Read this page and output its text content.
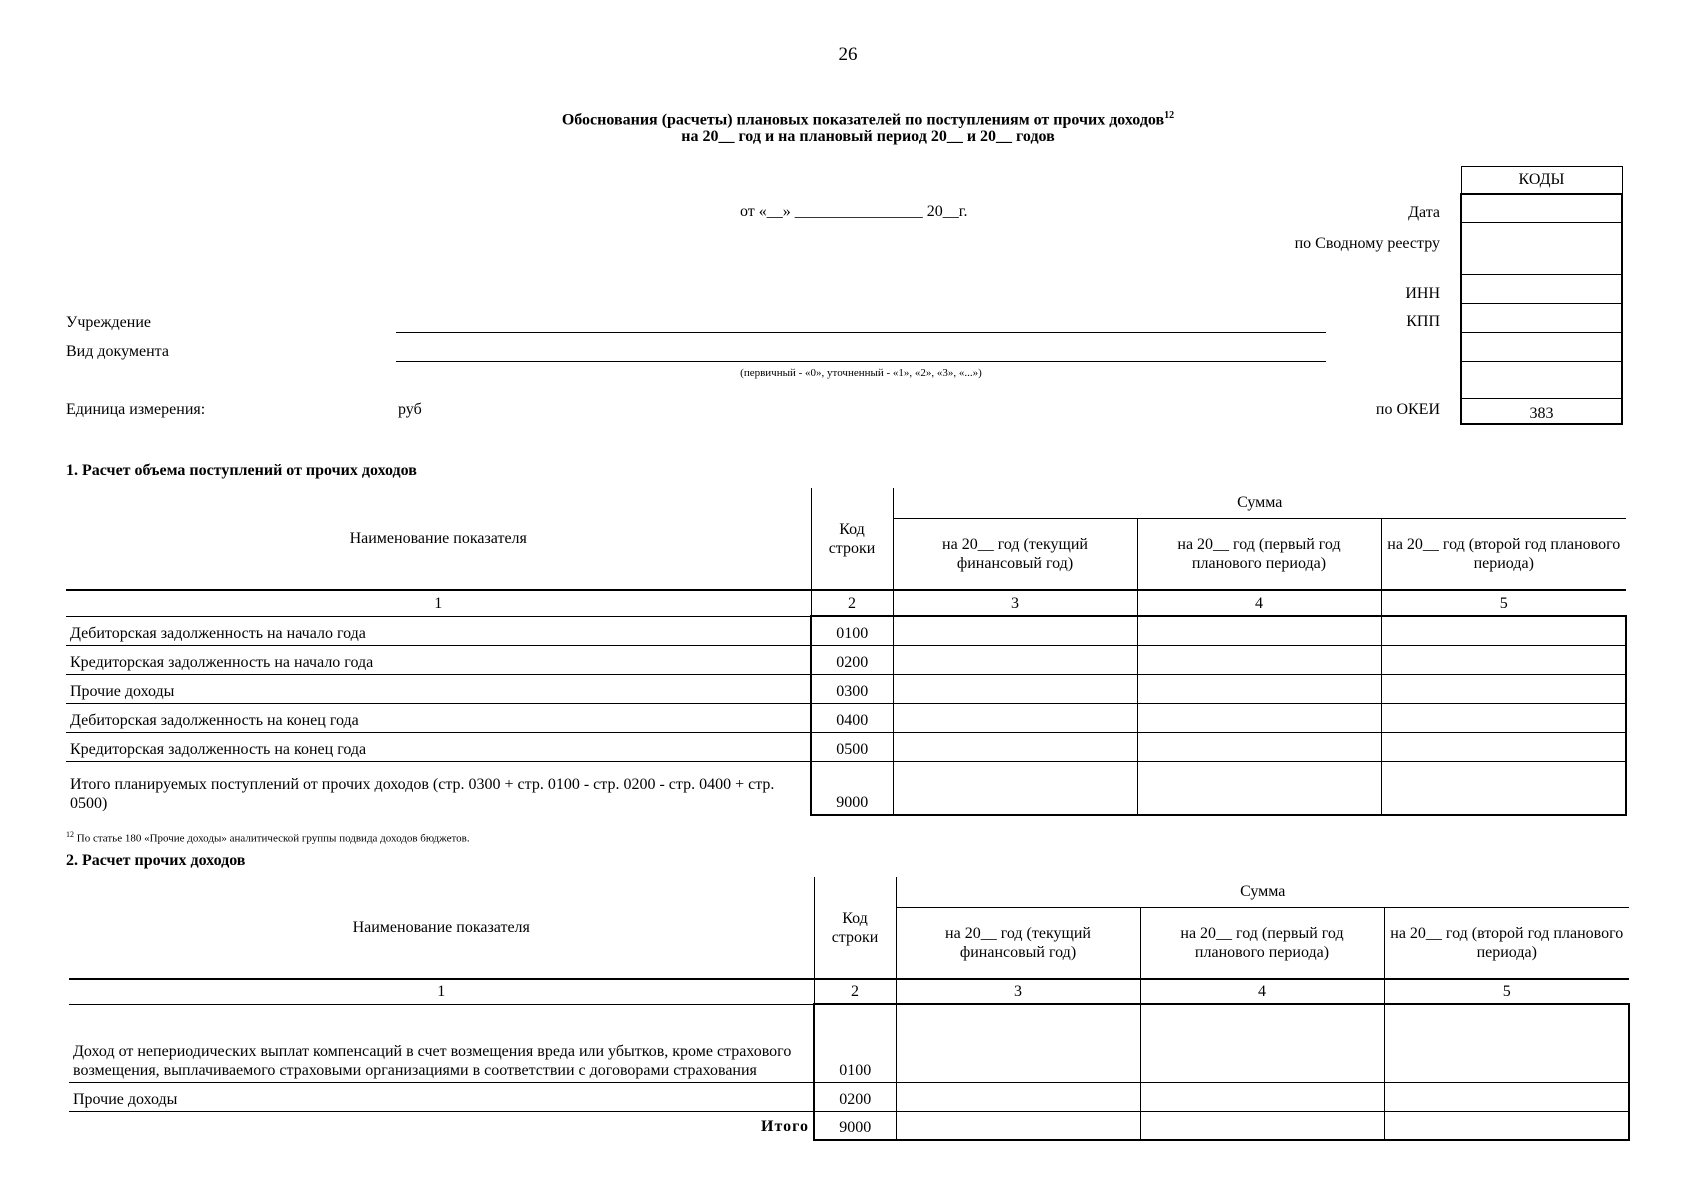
26
Обоснования (расчеты) плановых показателей по поступлениям от прочих доходов$^{12}$
на 20__ год и на плановый период 20__ и 20__ годов
от «__» ________________ 20__г.	Дата
по Сводному реестру
ИНН
КПП
по ОКЕИ
КОДЫ

383
Учреждение
Вид документа
(первичный - «0», уточненный - «1», «2», «3», «...»)
Единица измерения:	руб
1. Расчет объема поступлений от прочих доходов
Наименование показателя	Код строки	Сумма		
		на 20__ год (текущий финансовый год)	на 20__ год (первый год планового периода)	на 20__ год (второй год планового периода)
1	2	3	4	5
Дебиторская задолженность на начало года	0100			
Кредиторская задолженность на начало года	0200			
Прочие доходы	0300			
Дебиторская задолженность на конец года	0400			
Кредиторская задолженность на конец года	0500			
Итого планируемых поступлений от прочих доходов (стр. 0300 + стр. 0100 - стр. 0200 - стр. 0400 + стр. 0500)	9000			
$^{12}$ По статье 180 «Прочие доходы» аналитической группы подвида доходов бюджетов.
2. Расчет прочих доходов
Наименование показателя	Код строки	Сумма		
		на 20__ год (текущий финансовый год)	на 20__ год (первый год планового периода)	на 20__ год (второй год планового периода)
1	2	3	4	5
Доход от непериодических выплат компенсаций в счет возмещения вреда или убытков, кроме страхового возмещения, выплачиваемого страховыми организациями в соответствии с договорами страхования	0100			
Прочие доходы	0200			
Итого	9000			
